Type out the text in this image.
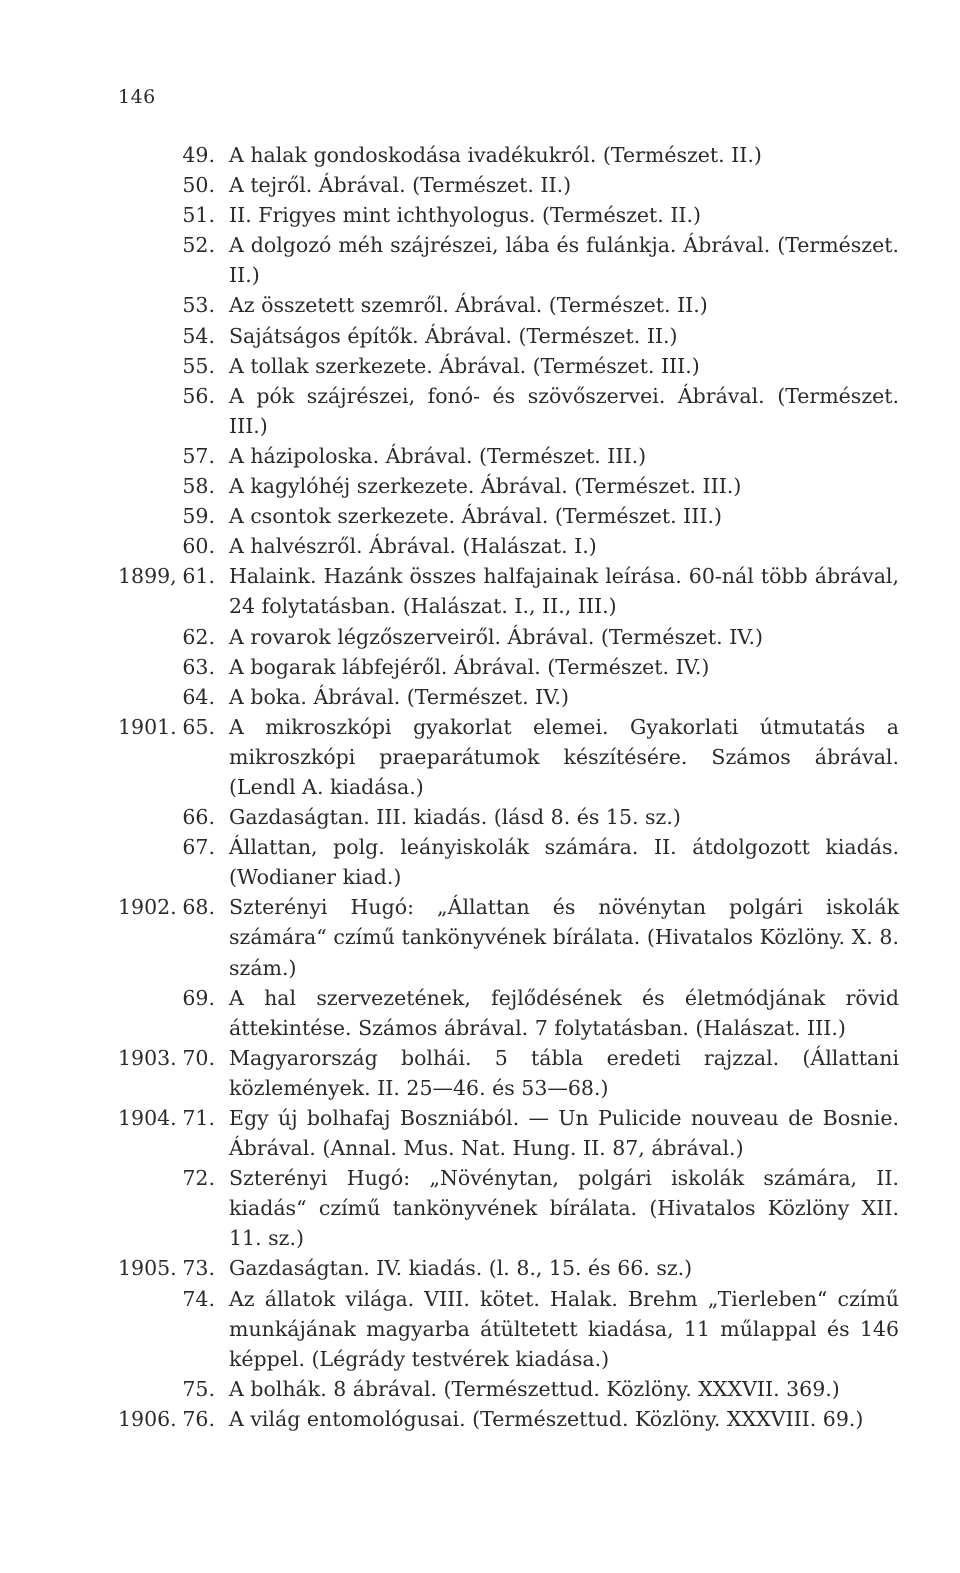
146
49. A halak gondoskodása ivadékukról. (Természet. II.)
50. A tejről. Ábrával. (Természet. II.)
51. II. Frigyes mint ichthyologus. (Természet. II.)
52. A dolgozó méh szájrészei, lába és fulánkja. Ábrával. (Természet. II.)
53. Az összetett szemről. Ábrával. (Természet. II.)
54. Sajátságos építők. Ábrával. (Természet. II.)
55. A tollak szerkezete. Ábrával. (Természet. III.)
56. A pók szájrészei, fonó- és szövőszervei. Ábrával. (Természet. III.)
57. A házipoloska. Ábrával. (Természet. III.)
58. A kagylóhéj szerkezete. Ábrával. (Természet. III.)
59. A csontok szerkezete. Ábrával. (Természet. III.)
60. A halvészről. Ábrával. (Halászat. I.)
1899, 61. Halaink. Hazánk összes halfajainak leírása. 60-nál több ábrával, 24 folytatásban. (Halászat. I., II., III.)
62. A rovarok légzőszerveiről. Ábrával. (Természet. IV.)
63. A bogarak lábfejéről. Ábrával. (Természet. IV.)
64. A boka. Ábrával. (Természet. IV.)
1901. 65. A mikroszkópi gyakorlat elemei. Gyakorlati útmutatás a mikroszkópi praeparátumok készítésére. Számos ábrával. (Lendl A. kiadása.)
66. Gazdaságtan. III. kiadás. (lásd 8. és 15. sz.)
67. Állattan, polg. leányiskolák számára. II. átdolgozott kiadás. (Wodianer kiad.)
1902. 68. Szterényi Hugó: „Állattan és növénytan polgári iskolák számára“ czímű tankönyvének bírálata. (Hivatalos Közlöny. X. 8. szám.)
69. A hal szervezetének, fejlődésének és életmódjának rövid áttekintése. Számos ábrával. 7 folytatásban. (Halászat. III.)
1903. 70. Magyarország bolhái. 5 tábla eredeti rajzzal. (Állattani közlemények. II. 25—46. és 53—68.)
1904. 71. Egy új bolhafaj Boszniából. — Un Pulicide nouveau de Bosnie. Ábrával. (Annal. Mus. Nat. Hung. II. 87, ábrával.)
72. Szterényi Hugó: „Növénytan, polgári iskolák számára, II. kiadás“ czímű tankönyvének bírálata. (Hivatalos Közlöny XII. 11. sz.)
1905. 73. Gazdaságtan. IV. kiadás. (l. 8., 15. és 66. sz.)
74. Az állatok világa. VIII. kötet. Halak. Brehm „Tierleben“ czímű munkájának magyarba átültetett kiadása, 11 műlappal és 146 képpel. (Légrády testvérek kiadása.)
75. A bolhák. 8 ábrával. (Természettud. Közlöny. XXXVII. 369.)
1906. 76. A világ entomológusai. (Természettud. Közlöny. XXXVIII. 69.)
